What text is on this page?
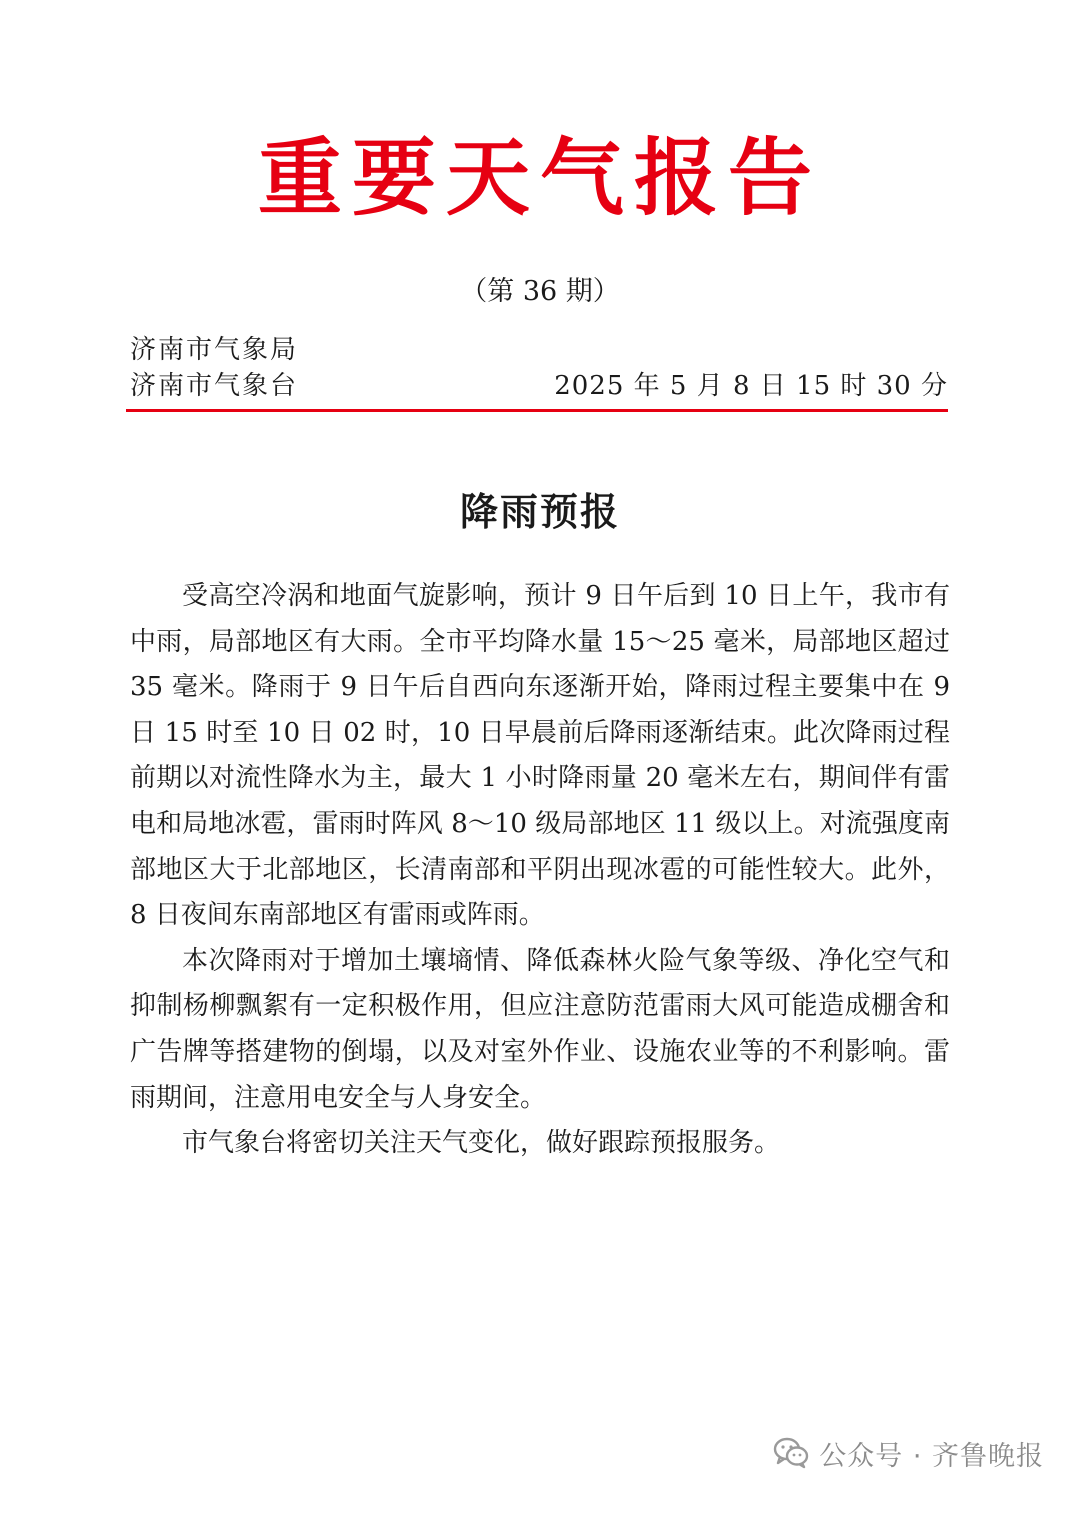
重要天气报告
（第 36 期）
济南市气象局
济南市气象台	2025 年 5 月 8 日 15 时 30 分
降雨预报

受高空冷涡和地面气旋影响，预计 9 日午后到 10 日上午，我市有中雨，局部地区有大雨。全市平均降水量 15～25 毫米，局部地区超过 35 毫米。降雨于 9 日午后自西向东逐渐开始，降雨过程主要集中在 9 日 15 时至 10 日 02 时，10 日早晨前后降雨逐渐结束。此次降雨过程前期以对流性降水为主，最大 1 小时降雨量 20 毫米左右，期间伴有雷电和局地冰雹，雷雨时阵风 8～10 级局部地区 11 级以上。对流强度南部地区大于北部地区，长清南部和平阴出现冰雹的可能性较大。此外，8 日夜间东南部地区有雷雨或阵雨。

本次降雨对于增加土壤墒情、降低森林火险气象等级、净化空气和抑制杨柳飘絮有一定积极作用，但应注意防范雷雨大风可能造成棚舍和广告牌等搭建物的倒塌，以及对室外作业、设施农业等的不利影响。雷雨期间，注意用电安全与人身安全。

市气象台将密切关注天气变化，做好跟踪预报服务。

公众号 · 齐鲁晚报
